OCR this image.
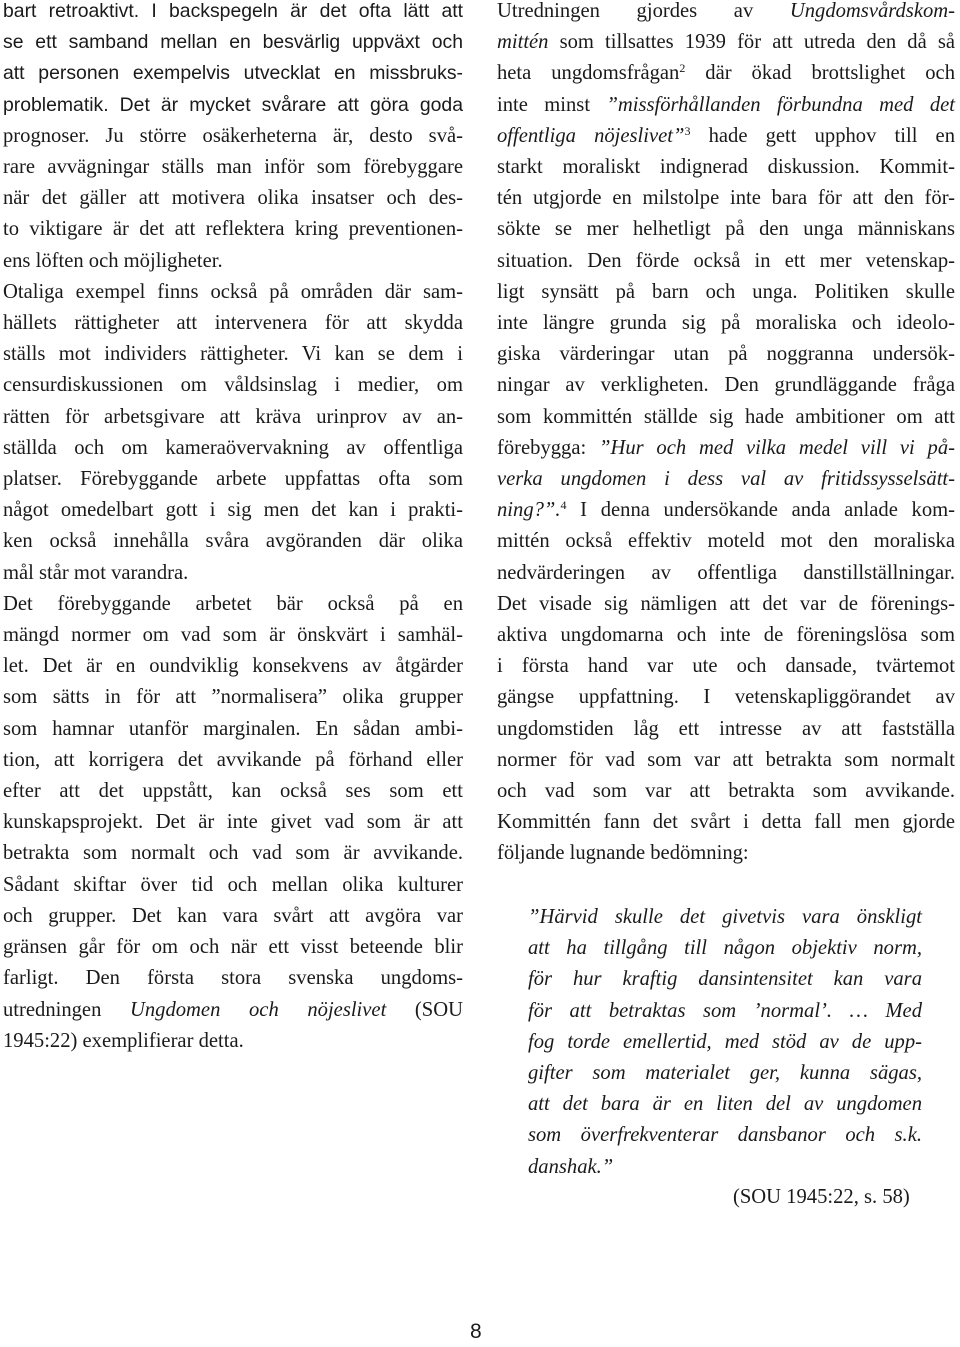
bart retroaktivt. I backspegeln är det ofta lätt att
se ett samband mellan en besvärlig uppväxt och
att personen exempelvis utvecklat en missbruks-
problematik. Det är mycket svårare att göra goda
prognoser. Ju större osäkerheterna är, desto svå-
rare avvägningar ställs man inför som förebyggare
när det gäller att motivera olika insatser och des-
to viktigare är det att reflektera kring preventionen-
ens löften och möjligheter.

Otaliga exempel finns också på områden där sam-
hällets rättigheter att intervenera för att skydda
ställs mot individers rättigheter. Vi kan se dem i
censurdiskussionen om våldsinslag i medier, om
rätten för arbetsgivare att kräva urinprov av an-
ställda och om kameraövervakning av offentliga
platser. Förebyggande arbete uppfattas ofta som
något omedelbart gott i sig men det kan i prakti-
ken också innehålla svåra avgöranden där olika
mål står mot varandra.

Det förebyggande arbetet bär också på en
mängd normer om vad som är önskvärt i samhäl-
let. Det är en oundviklig konsekvens av åtgärder
som sätts in för att ”normalisera” olika grupper
som hamnar utanför marginalen. En sådan ambi-
tion, att korrigera det avvikande på förhand eller
efter att det uppstått, kan också ses som ett
kunskapsprojekt. Det är inte givet vad som är att
betrakta som normalt och vad som är avvikande.
Sådant skiftar över tid och mellan olika kulturer
och grupper. Det kan vara svårt att avgöra var
gränsen går för om och när ett visst beteende blir
farligt. Den första stora svenska ungdoms-
utredningen Ungdomen och nöjeslivet (SOU
1945:22) exemplifierar detta.

Utredningen gjordes av Ungdomsvårdskom-
mittén som tillsattes 1939 för att utreda den då så
heta ungdomsfrågan$^2$ där ökad brottslighet och
inte minst ”missförhållanden förbundna med det
offentliga nöjeslivet”$^3$ hade gett upphov till en
starkt moraliskt indignerad diskussion. Kommit-
tén utgjorde en milstolpe inte bara för att den för-
sökte se mer helhetligt på den unga människans
situation. Den förde också in ett mer vetenskap-
ligt synsätt på barn och unga. Politiken skulle
inte längre grunda sig på moraliska och ideolo-
giska värderingar utan på noggranna undersök-
ningar av verkligheten. Den grundläggande fråga
som kommittén ställde sig hade ambitioner om att
förebygga: ”Hur och med vilka medel vill vi på-
verka ungdomen i dess val av fritidssysselsätt-
ning?”.$^4$ I denna undersökande anda anlade kom-
mittén också effektiv moteld mot den moraliska
nedvärderingen av offentliga danstillställningar.
Det visade sig nämligen att det var de förenings-
aktiva ungdomarna och inte de föreningslösa som
i första hand var ute och dansade, tvärtemot
gängse uppfattning. I vetenskapliggörandet av
ungdomstiden låg ett intresse av att fastställa
normer för vad som var att betrakta som normalt
och vad som var att betrakta som avvikande.
Kommittén fann det svårt i detta fall men gjorde
följande lugnande bedömning:

”Härvid skulle det givetvis vara önskligt
att ha tillgång till någon objektiv norm,
för hur kraftig dansintensitet kan vara
för att betraktas som ’normal’. … Med
fog torde emellertid, med stöd av de upp-
gifter som materialet ger, kunna sägas,
att det bara är en liten del av ungdomen
som överfrekventerar dansbanor och s.k.
danshak.”
(SOU 1945:22, s. 58)
8
